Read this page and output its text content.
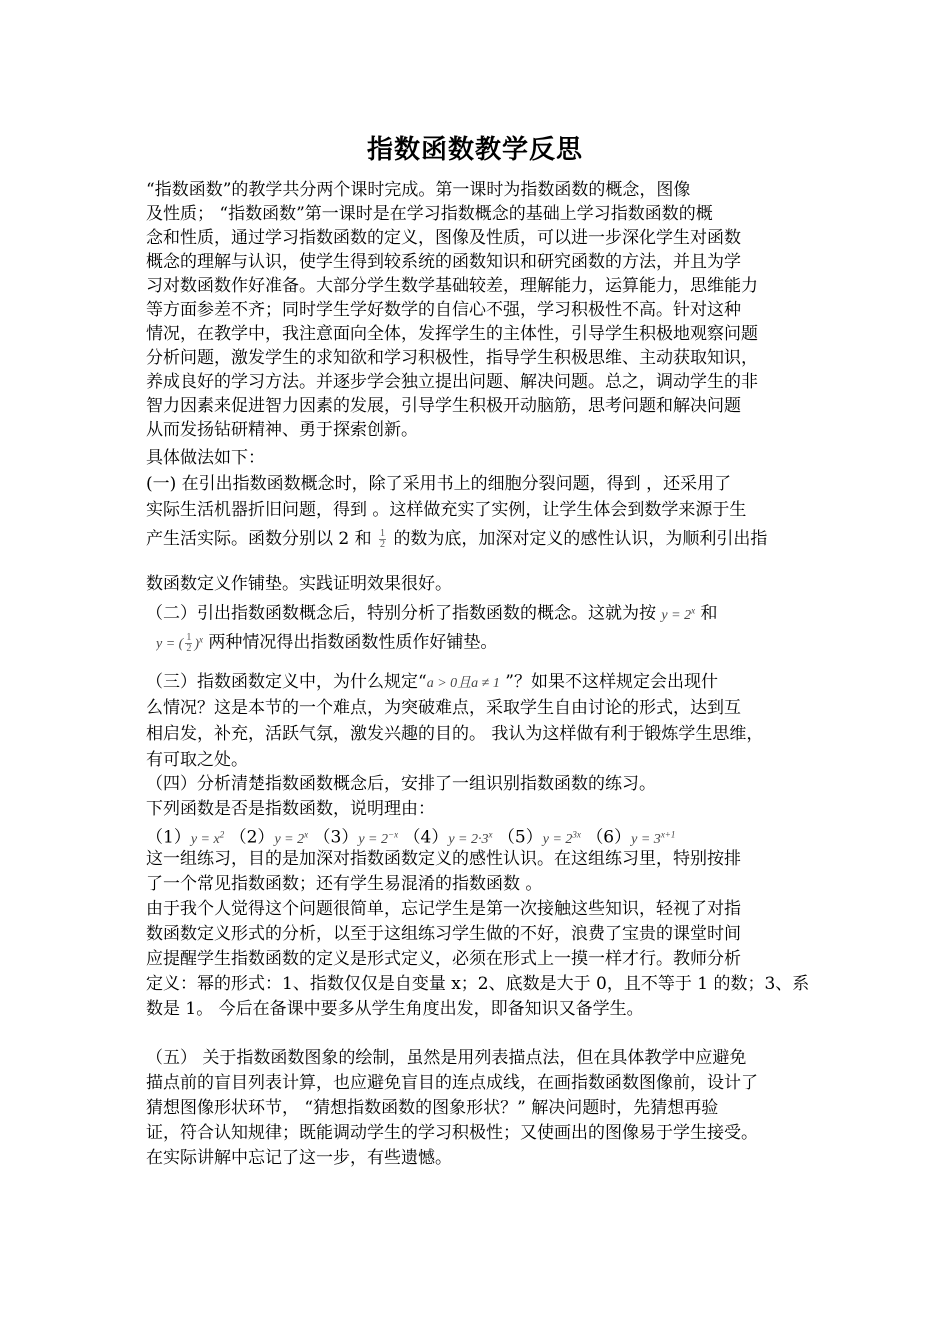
指数函数教学反思
“指数函数”的教学共分两个课时完成。第一课时为指数函数的概念，图像
及性质； “指数函数”第一课时是在学习指数概念的基础上学习指数函数的概
念和性质，通过学习指数函数的定义，图像及性质，可以进一步深化学生对函数
概念的理解与认识，使学生得到较系统的函数知识和研究函数的方法，并且为学
习对数函数作好准备。大部分学生数学基础较差，理解能力，运算能力，思维能力
等方面参差不齐；同时学生学好数学的自信心不强，学习积极性不高。针对这种
情况，在教学中，我注意面向全体，发挥学生的主体性，引导学生积极地观察问题
分析问题，激发学生的求知欲和学习积极性，指导学生积极思维、主动获取知识，
养成良好的学习方法。并逐步学会独立提出问题、解决问题。总之，调动学生的非
智力因素来促进智力因素的发展，引导学生积极开动脑筋，思考问题和解决问题
从而发扬钻研精神、勇于探索创新。
具体做法如下：
(一) 在引出指数函数概念时，除了采用书上的细胞分裂问题，得到 ，还采用了
实际生活机器折旧问题，得到 。这样做充实了实例，让学生体会到数学来源于生
产生活实际。函数分别以 2 和 $\frac{1}{2}$ 的数为底，加深对定义的感性认识，为顺利引出指
数函数定义作铺垫。实践证明效果很好。
（二）引出指数函数概念后，特别分析了指数函数的概念。这就为按 $y = 2^x$ 和
y = ( $\frac{1}{2} )^x$ 两种情况得出指数函数性质作好铺垫。
（三）指数函数定义中，为什么规定“a > 0且a ≠ 1 ”？如果不这样规定会出现什
么情况？这是本节的一个难点，为突破难点，采取学生自由讨论的形式，达到互
相启发，补充，活跃气氛，激发兴趣的目的。 我认为这样做有利于锻炼学生思维，
有可取之处。
（四）分析清楚指数函数概念后，安排了一组识别指数函数的练习。
下列函数是否是指数函数，说明理由：
$(1)y = x^2$ $(2)y = 2^x$ $(3)y = 2^{-x}$ $(4)y = 2\cdot 3^x$ $(5)y = 2^{3x}$ $(6)y = 3^{x+1}$
这一组练习，目的是加深对指数函数定义的感性认识。在这组练习里，特别按排
了一个常见指数函数；还有学生易混淆的指数函数 。
由于我个人觉得这个问题很简单，忘记学生是第一次接触这些知识，轻视了对指
数函数定义形式的分析，以至于这组练习学生做的不好，浪费了宝贵的课堂时间
应提醒学生指数函数的定义是形式定义，必须在形式上一摸一样才行。教师分析
定义：幂的形式：1、指数仅仅是自变量 x；2、底数是大于 0，且不等于 1 的数；3、系
数是 1。 今后在备课中要多从学生角度出发，即备知识又备学生。
（五） 关于指数函数图象的绘制，虽然是用列表描点法，但在具体教学中应避免
描点前的盲目列表计算，也应避免盲目的连点成线，在画指数函数图像前，设计了
猜想图像形状环节， “猜想指数函数的图象形状？” 解决问题时，先猜想再验
证，符合认知规律；既能调动学生的学习积极性；又使画出的图像易于学生接受。
在实际讲解中忘记了这一步，有些遗憾。
